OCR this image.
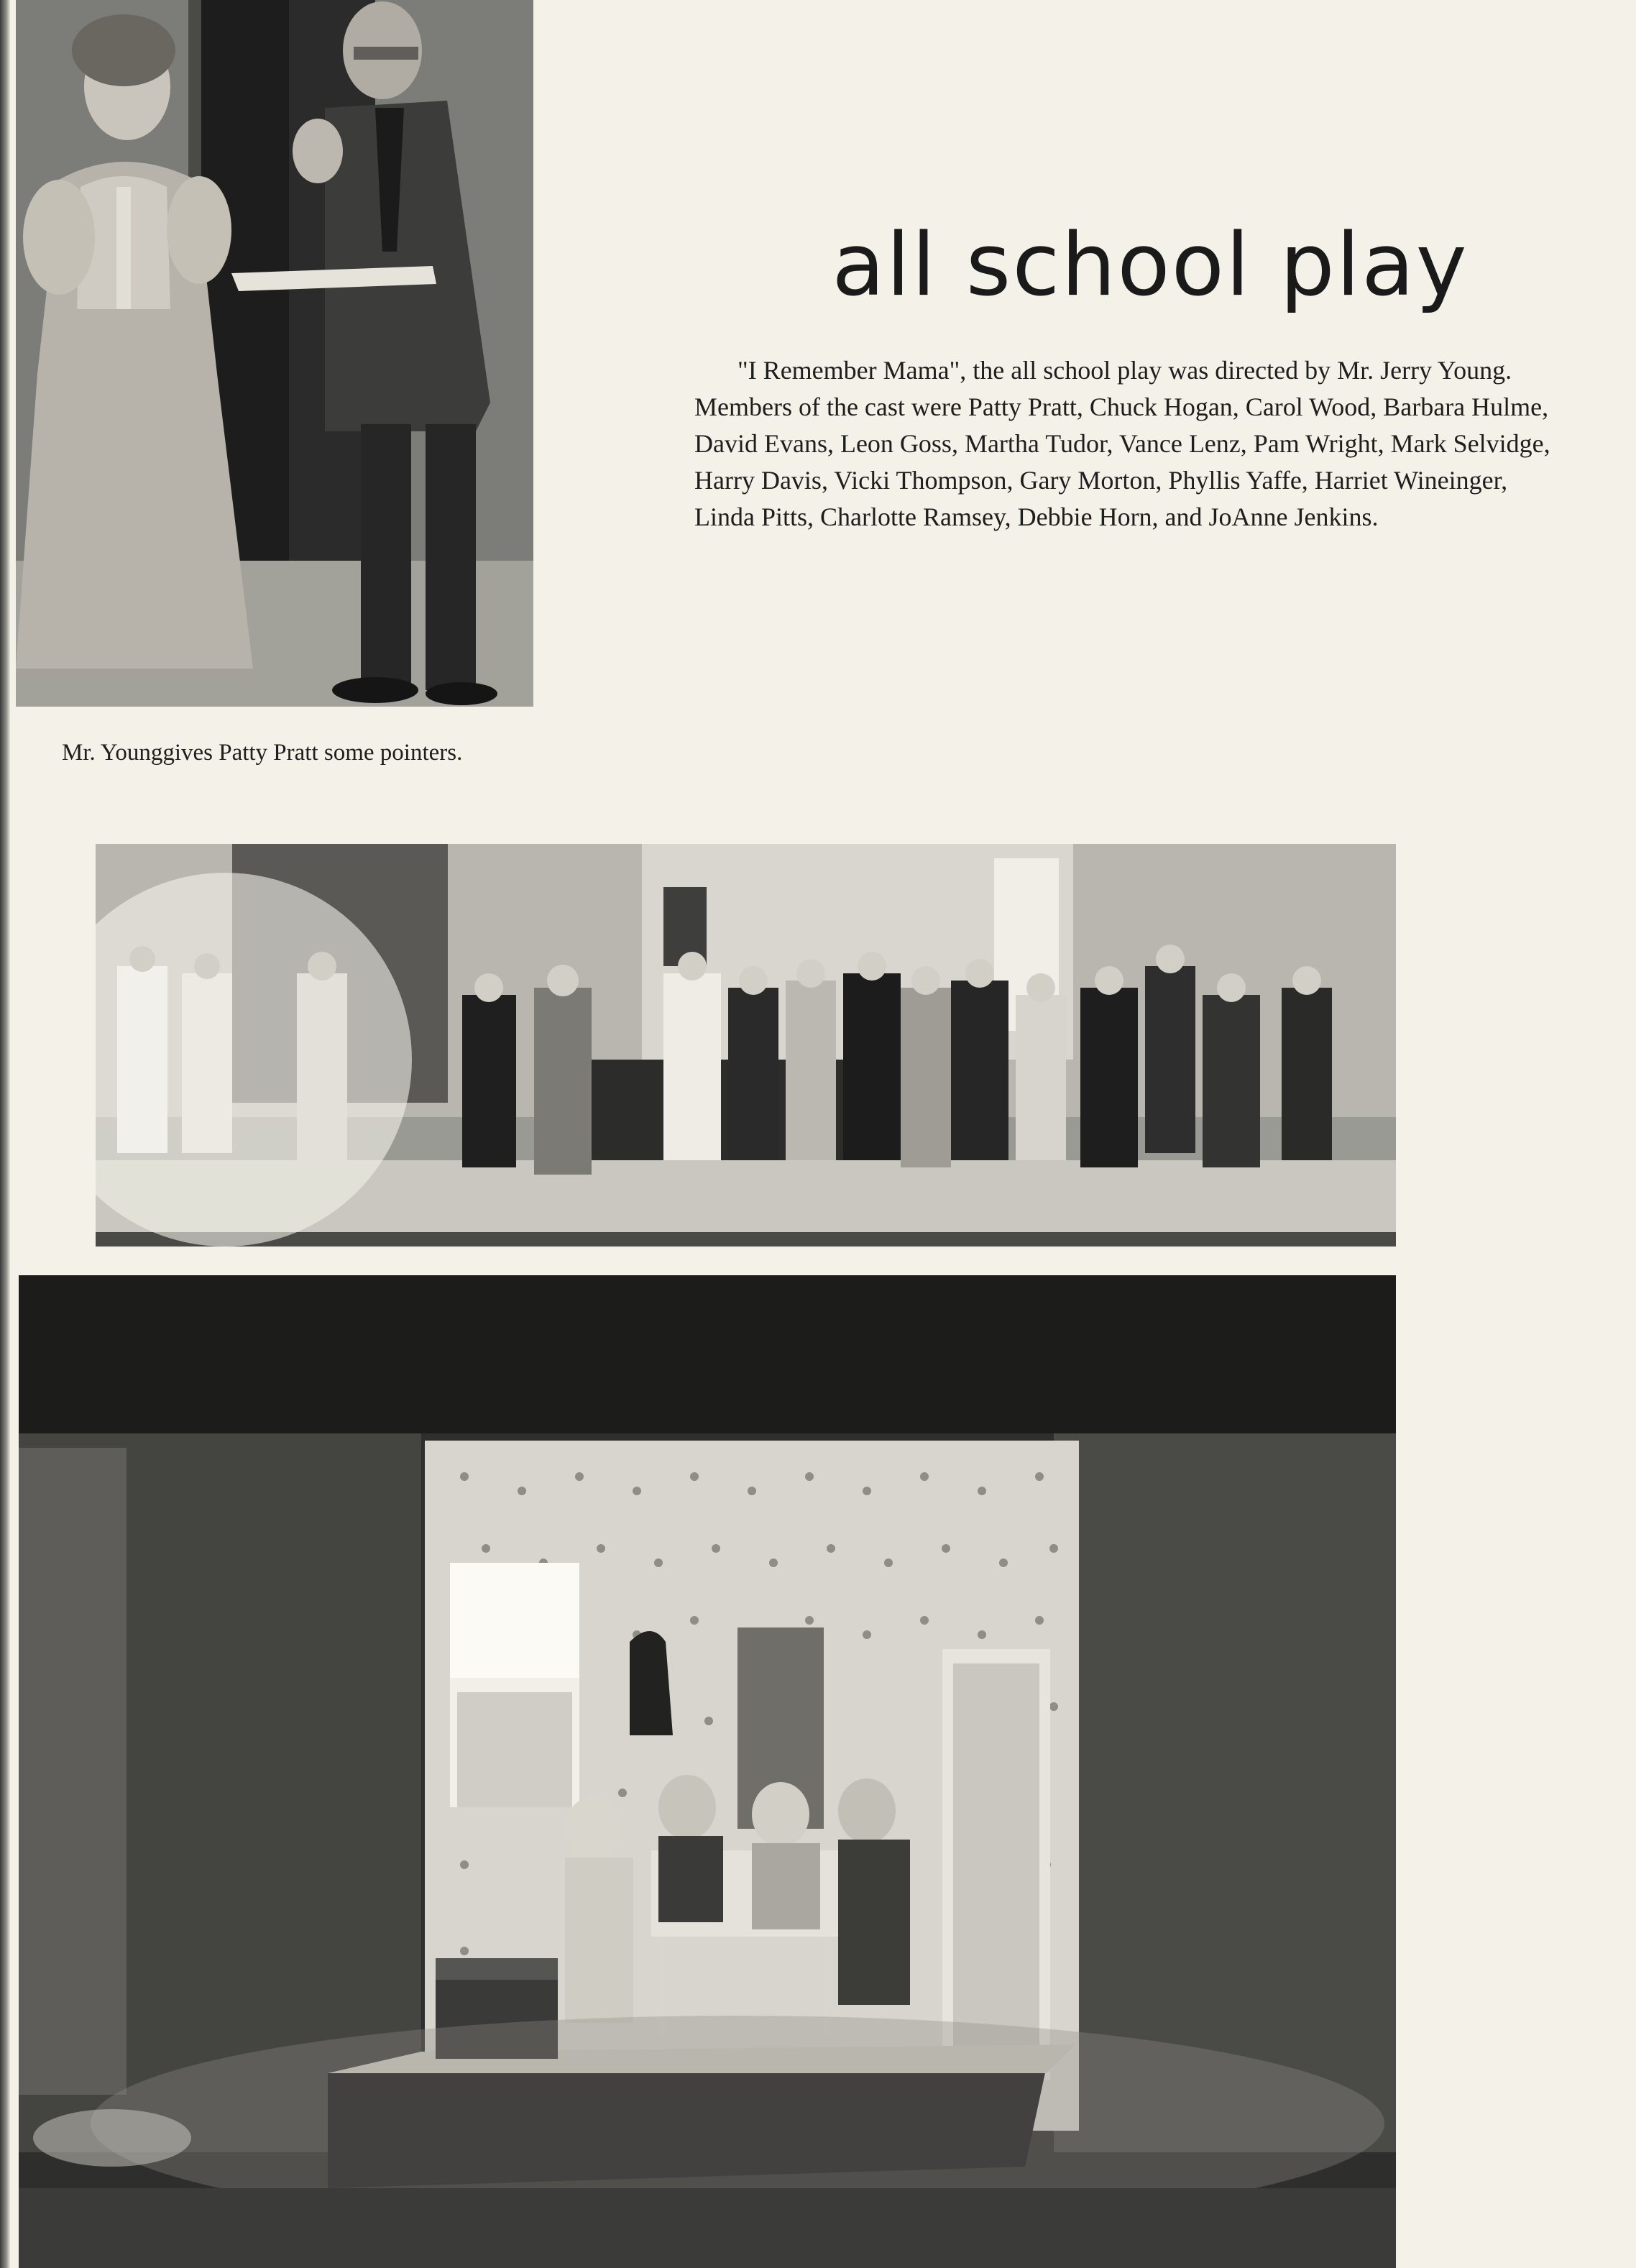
all school play

"I Remember Mama", the all school play was directed by Mr. Jerry Young. Members of the cast were Patty Pratt, Chuck Hogan, Carol Wood, Barbara Hulme, David Evans, Leon Goss, Martha Tudor, Vance Lenz, Pam Wright, Mark Selvidge, Harry Davis, Vicki Thompson, Gary Morton, Phyllis Yaffe, Harriet Wineinger, Linda Pitts, Charlotte Ramsey, Debbie Horn, and JoAnne Jenkins.

Mr. Younggives Patty Pratt some pointers.
